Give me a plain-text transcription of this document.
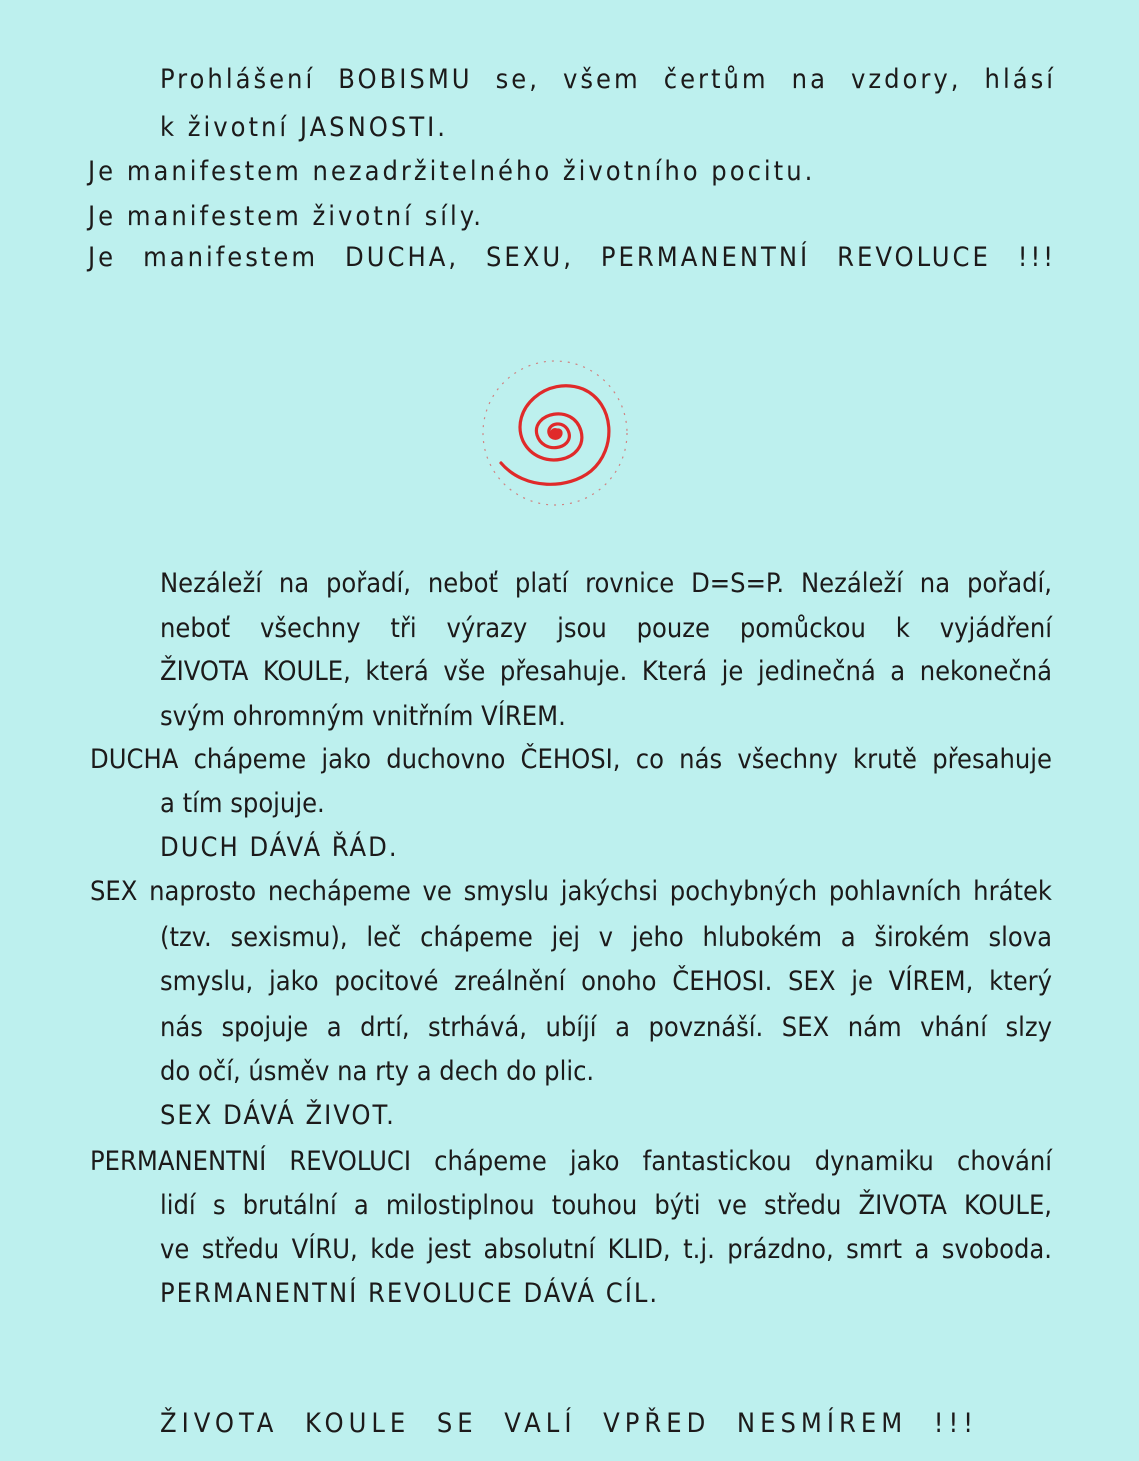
Prohlášení BOBISMU se, všem čertům na vzdory, hlásí
k životní JASNOSTI.
Je manifestem nezadržitelného životního pocitu.
Je manifestem životní síly.
Je manifestem DUCHA, SEXU, PERMANENTNÍ REVOLUCE !!!
Nezáleží na pořadí, neboť platí rovnice D=S=P. Nezáleží na pořadí,
neboť všechny tři výrazy jsou pouze pomůckou k vyjádření
ŽIVOTA KOULE, která vše přesahuje. Která je jedinečná a nekonečná
svým ohromným vnitřním VÍREM.
DUCHA chápeme jako duchovno ČEHOSI, co nás všechny krutě přesahuje
a tím spojuje.
DUCH DÁVÁ ŘÁD.
SEX naprosto nechápeme ve smyslu jakýchsi pochybných pohlavních hrátek
(tzv. sexismu), leč chápeme jej v jeho hlubokém a širokém slova
smyslu, jako pocitové zreálnění onoho ČEHOSI. SEX je VÍREM, který
nás spojuje a drtí, strhává, ubíjí a povznáší. SEX nám vhání slzy
do očí, úsměv na rty a dech do plic.
SEX DÁVÁ ŽIVOT.
PERMANENTNÍ REVOLUCI chápeme jako fantastickou dynamiku chování
lidí s brutální a milostiplnou touhou býti ve středu ŽIVOTA KOULE,
ve středu VÍRU, kde jest absolutní KLID, t.j. prázdno, smrt a svoboda.
PERMANENTNÍ REVOLUCE DÁVÁ CÍL.
ŽIVOTA KOULE SE VALÍ VPŘED NESMÍREM !!!
